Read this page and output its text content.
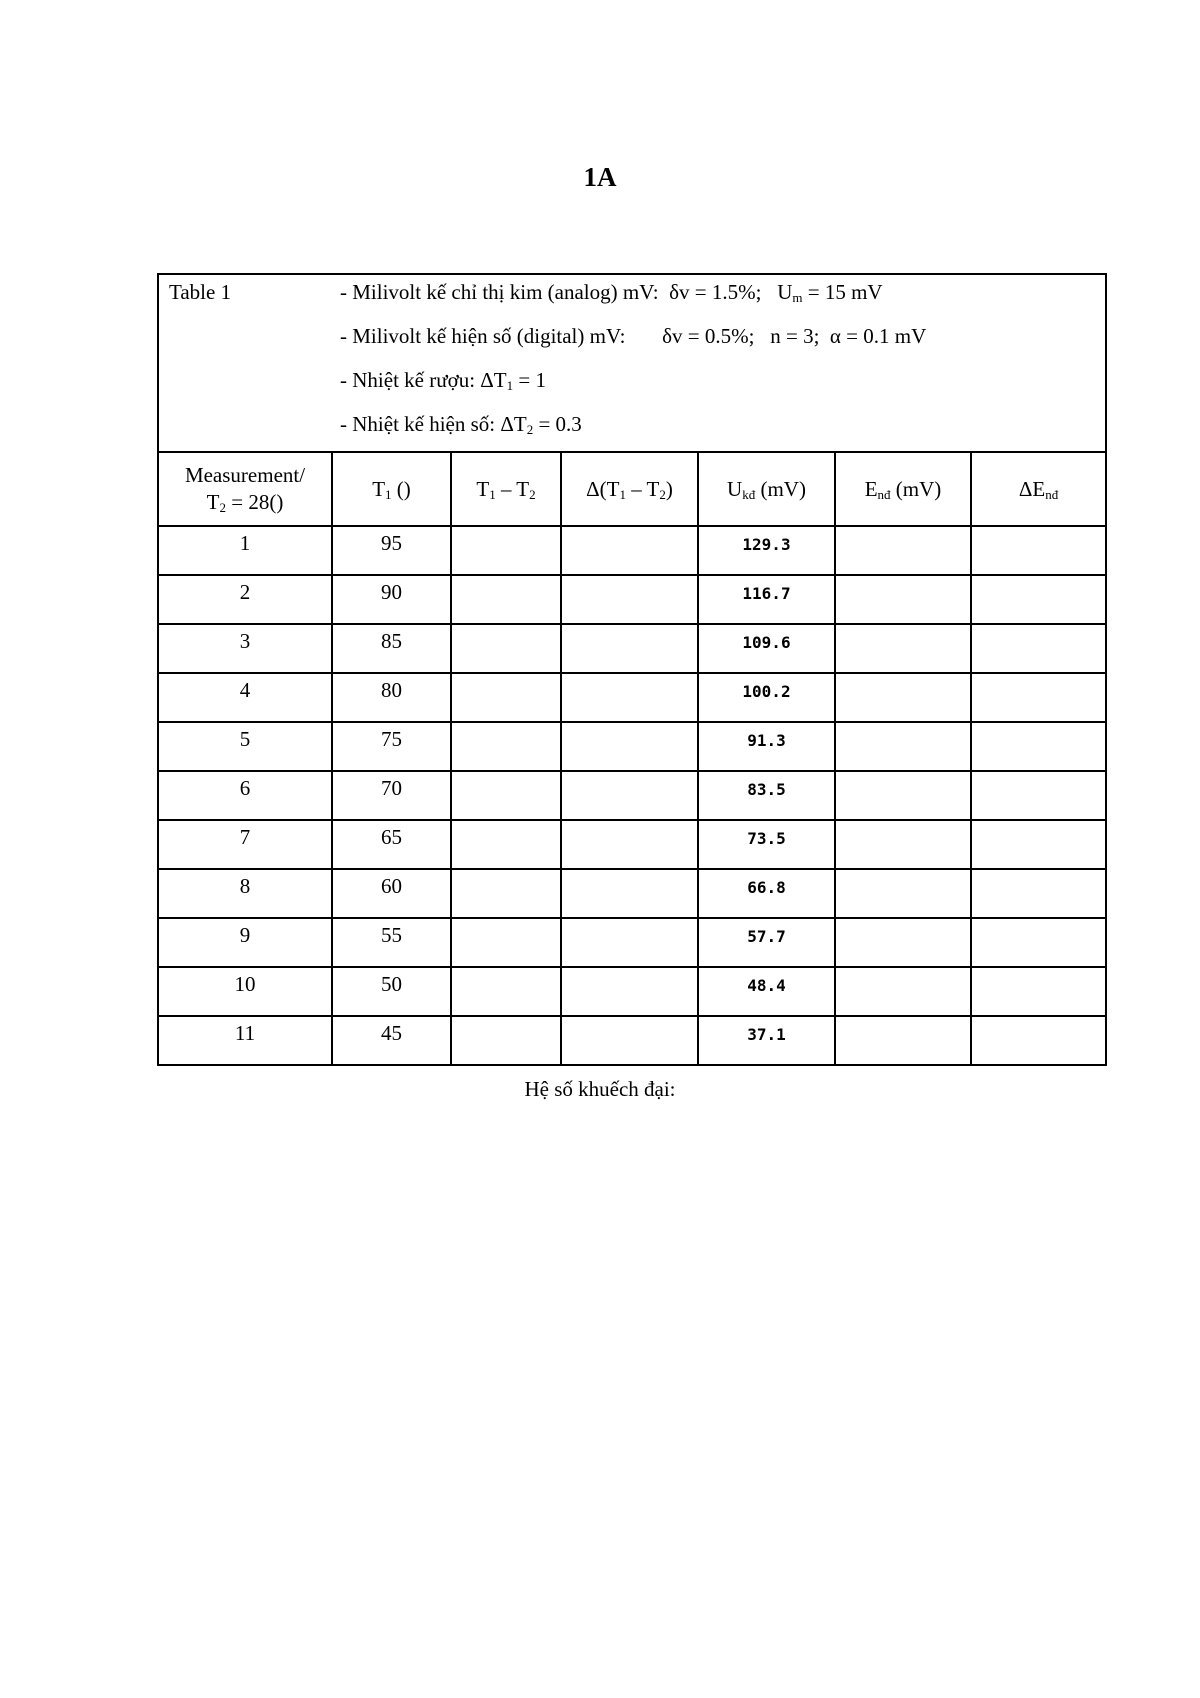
1A
Table 1 - Milivolt kế chỉ thị kim (analog) mV:  δv = 1.5%;   $U_m = 15$ mV
- Milivolt kế hiện số (digital) mV:       δv = 0.5%;   n = 3;  α = 0.1 mV
- Nhiệt kế rượu: $\Delta T_1 = 1$
- Nhiệt kế hiện số: $\Delta T_2 = 0.3$						

Measurement/
$T_2 = 28()$	$T_1$ ()	$T_1 - T_2$	$\Delta(T_1 - T_2)$	$U_{kđ}$ (mV)	$E_{nđ}$ (mV)	$\Delta E_{nđ}$
1	95			129.3		
2	90			116.7		
3	85			109.6		
4	80			100.2		
5	75			91.3		
6	70			83.5		
7	65			73.5		
8	60			66.8		
9	55			57.7		
10	50			48.4		
11	45			37.1		
Hệ số khuếch đại:
